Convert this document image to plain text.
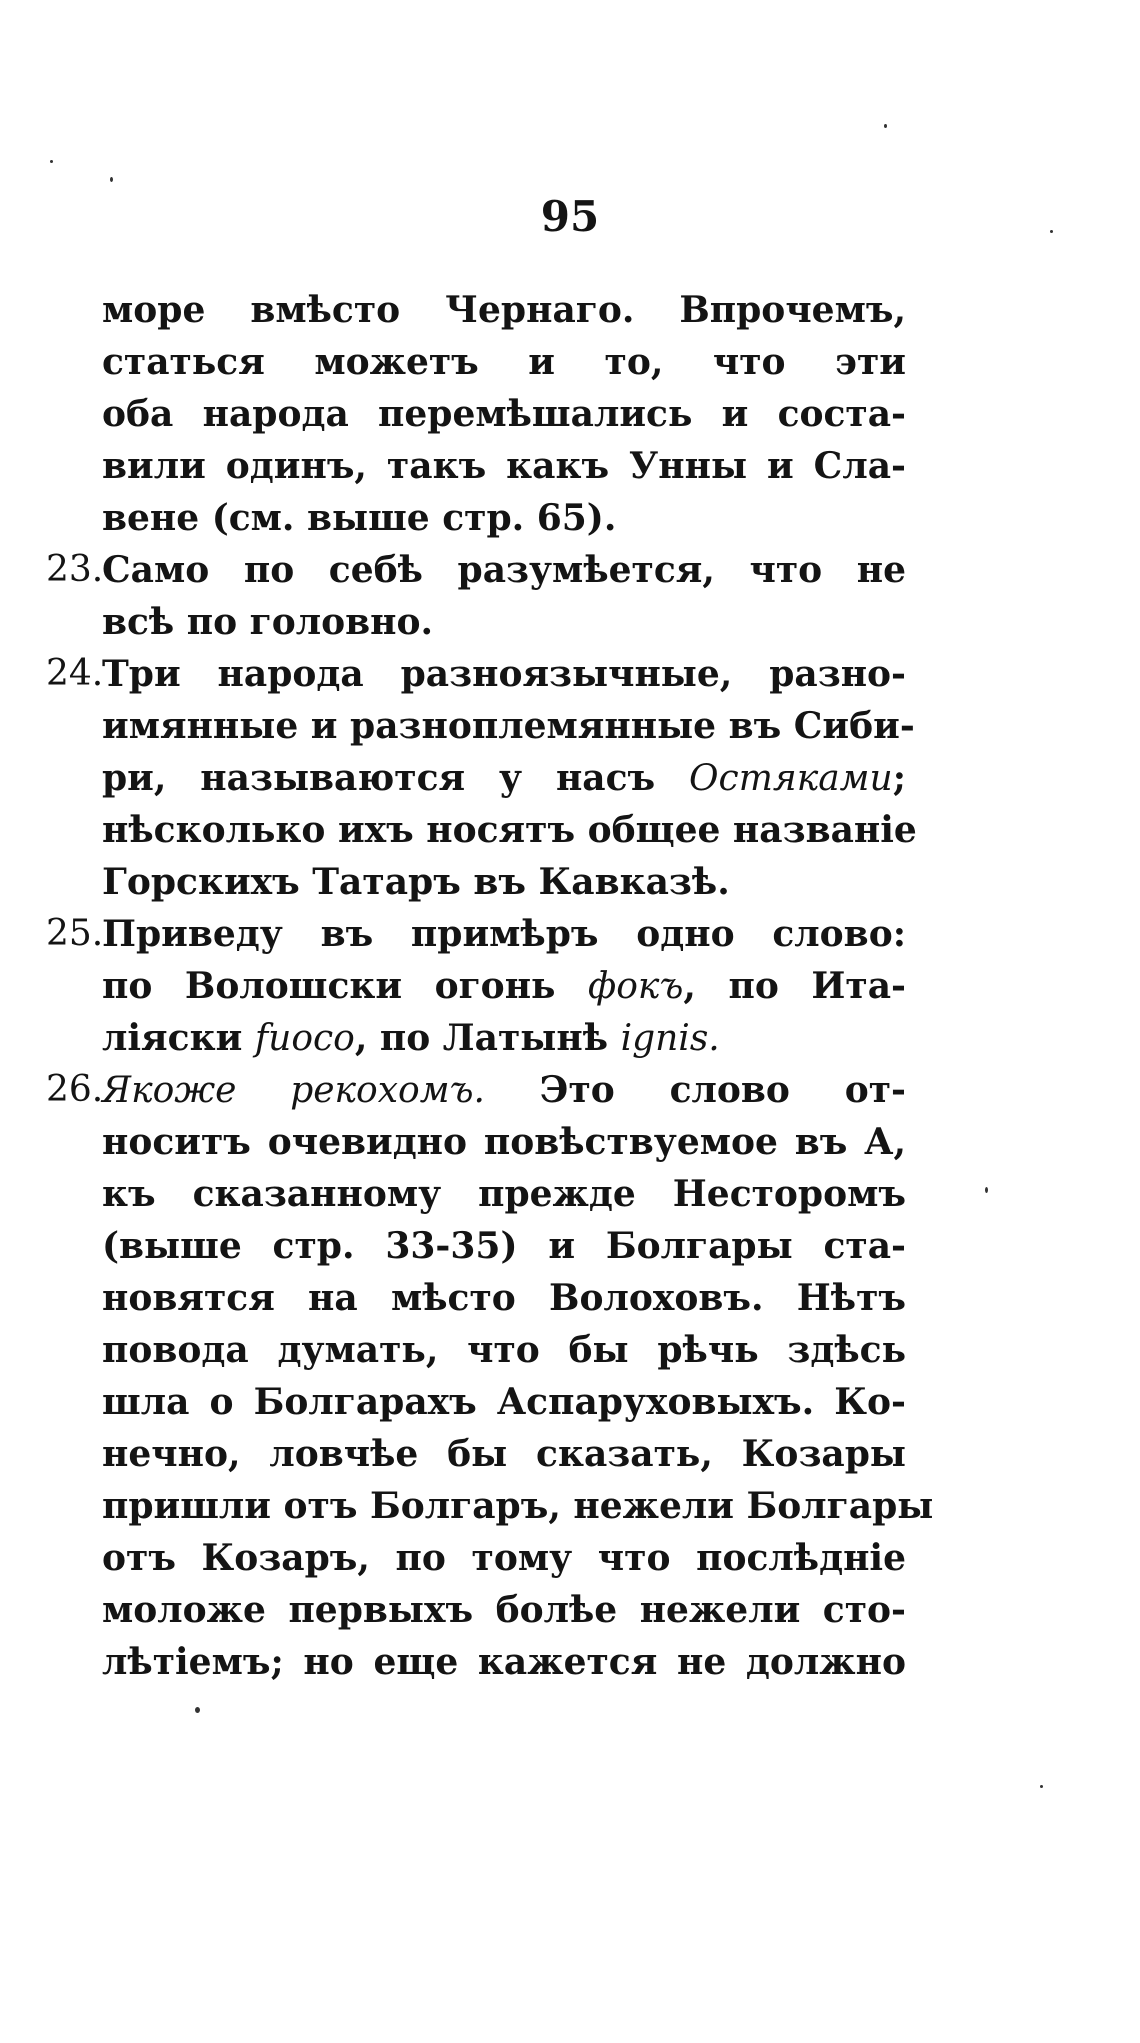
95
море вмѣсто Чернаго. Впрочемъ,
статься можетъ и то, что эти
оба народа перемѣшались и соста-
вили одинъ, такъ какъ Унны и Сла-
вене (см. выше стр. 65).
23.
Само по себѣ разумѣется, что не
всѣ по головно.
24.
Три народа разноязычные, разно-
имянные и разноплемянные въ Сиби-
ри, называются у насъ Остяками;
нѣсколько ихъ носятъ общее названіе
Горскихъ Татаръ въ Кавказѣ.
25.
Приведу въ примѣръ одно слово:
по Волошски огонь фокъ, по Ита-
ліяски fuoco, по Латынѣ ignis.
26.
Якоже рекохомъ. Это слово от-
носитъ очевидно повѣствуемое въ А,
къ сказанному прежде Несторомъ
(выше стр. 33-35) и Болгары ста-
новятся на мѣсто Волоховъ. Нѣтъ
повода думать, что бы рѣчь здѣсь
шла о Болгарахъ Аспаруховыхъ. Ко-
нечно, ловчѣе бы сказать, Козары
пришли отъ Болгаръ, нежели Болгары
отъ Козаръ, по тому что послѣдніе
моложе первыхъ болѣе нежели сто-
лѣтіемъ; но еще кажется не должно
